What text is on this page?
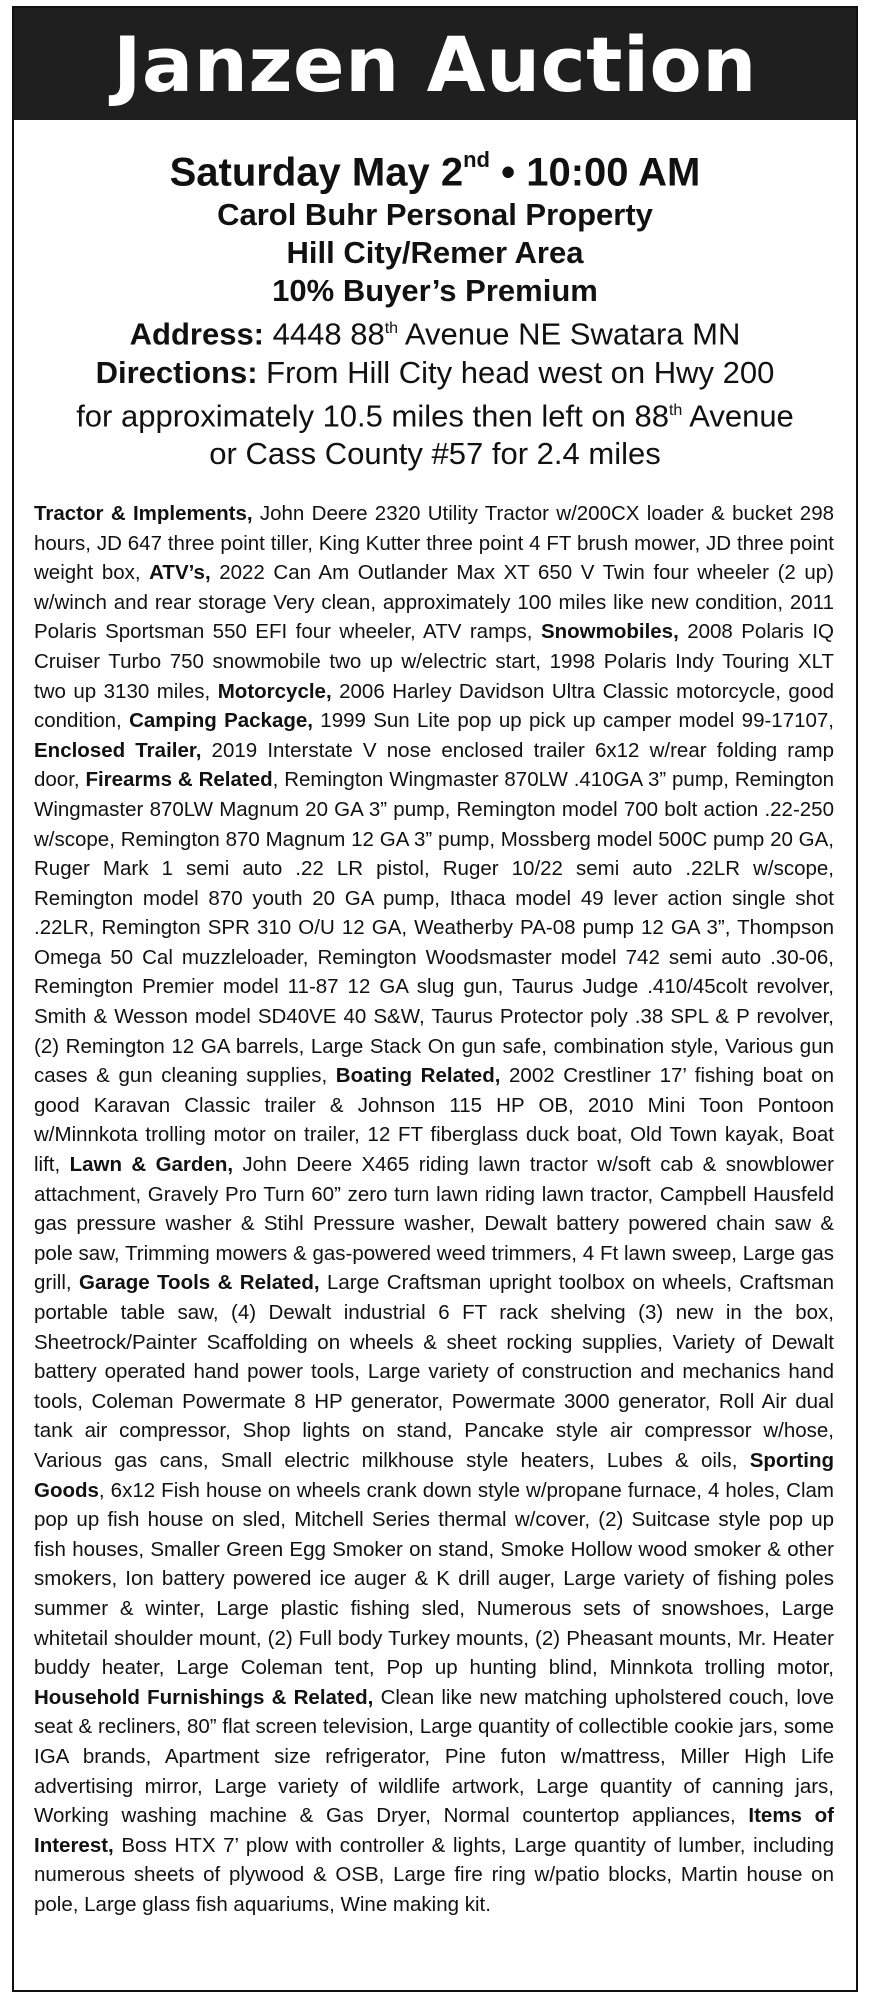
Janzen Auction
Saturday May 2nd • 10:00 AM
Carol Buhr Personal Property
Hill City/Remer Area
10% Buyer’s Premium
Address: 4448 88th Avenue NE Swatara MN
Directions: From Hill City head west on Hwy 200
for approximately 10.5 miles then left on 88th Avenue
or Cass County #57 for 2.4 miles
Tractor & Implements, John Deere 2320 Utility Tractor w/200CX loader & bucket 298 hours, JD 647 three point tiller, King Kutter three point 4 FT brush mower, JD three point weight box, ATV’s, 2022 Can Am Outlander Max XT 650 V Twin four wheeler (2 up) w/winch and rear storage Very clean, approximately 100 miles like new condition, 2011 Polaris Sportsman 550 EFI four wheeler, ATV ramps, Snowmobiles, 2008 Polaris IQ Cruiser Turbo 750 snowmobile two up w/electric start, 1998 Polaris Indy Touring XLT two up 3130 miles, Motorcycle, 2006 Harley Davidson Ultra Classic motorcycle, good condition, Camping Package, 1999 Sun Lite pop up pick up camper model 99-17107, Enclosed Trailer, 2019 Interstate V nose enclosed trailer 6x12 w/rear folding ramp door, Firearms & Related, Remington Wingmaster 870LW .410GA 3” pump, Remington Wingmaster 870LW Magnum 20 GA 3” pump, Remington model 700 bolt action .22-250 w/scope, Remington 870 Magnum 12 GA 3” pump, Mossberg model 500C pump 20 GA, Ruger Mark 1 semi auto .22 LR pistol, Ruger 10/22 semi auto .22LR w/scope, Remington model 870 youth 20 GA pump, Ithaca model 49 lever action single shot .22LR, Remington SPR 310 O/U 12 GA, Weatherby PA-08 pump 12 GA 3”, Thompson Omega 50 Cal muzzleloader, Remington Woodsmaster model 742 semi auto .30-06, Remington Premier model 11-87 12 GA slug gun, Taurus Judge .410/45colt revolver, Smith & Wesson model SD40VE 40 S&W, Taurus Protector poly .38 SPL & P revolver, (2) Remington 12 GA barrels, Large Stack On gun safe, combination style, Various gun cases & gun cleaning supplies, Boating Related, 2002 Crestliner 17’ fishing boat on good Karavan Classic trailer & Johnson 115 HP OB, 2010 Mini Toon Pontoon w/Minnkota trolling motor on trailer, 12 FT fiberglass duck boat, Old Town kayak, Boat lift, Lawn & Garden, John Deere X465 riding lawn tractor w/soft cab & snowblower attachment, Gravely Pro Turn 60” zero turn lawn riding lawn tractor, Campbell Hausfeld gas pressure washer & Stihl Pressure washer, Dewalt battery powered chain saw & pole saw, Trimming mowers & gas-powered weed trimmers, 4 Ft lawn sweep, Large gas grill, Garage Tools & Related, Large Craftsman upright toolbox on wheels, Craftsman portable table saw, (4) Dewalt industrial 6 FT rack shelving (3) new in the box, Sheetrock/Painter Scaffolding on wheels & sheet rocking supplies, Variety of Dewalt battery operated hand power tools, Large variety of construction and mechanics hand tools, Coleman Powermate 8 HP generator, Powermate 3000 generator, Roll Air dual tank air compressor, Shop lights on stand, Pancake style air compressor w/hose, Various gas cans, Small electric milkhouse style heaters, Lubes & oils, Sporting Goods, 6x12 Fish house on wheels crank down style w/propane furnace, 4 holes, Clam pop up fish house on sled, Mitchell Series thermal w/cover, (2) Suitcase style pop up fish houses, Smaller Green Egg Smoker on stand, Smoke Hollow wood smoker & other smokers, Ion battery powered ice auger & K drill auger, Large variety of fishing poles summer & winter, Large plastic fishing sled, Numerous sets of snowshoes, Large whitetail shoulder mount, (2) Full body Turkey mounts, (2) Pheasant mounts, Mr. Heater buddy heater, Large Coleman tent, Pop up hunting blind, Minnkota trolling motor, Household Furnishings & Related, Clean like new matching upholstered couch, love seat & recliners, 80” flat screen television, Large quantity of collectible cookie jars, some IGA brands, Apartment size refrigerator, Pine futon w/mattress, Miller High Life advertising mirror, Large variety of wildlife artwork, Large quantity of canning jars, Working washing machine & Gas Dryer, Normal countertop appliances, Items of Interest, Boss HTX 7’ plow with controller & lights, Large quantity of lumber, including numerous sheets of plywood & OSB, Large fire ring w/patio blocks, Martin house on pole, Large glass fish aquariums, Wine making kit.
